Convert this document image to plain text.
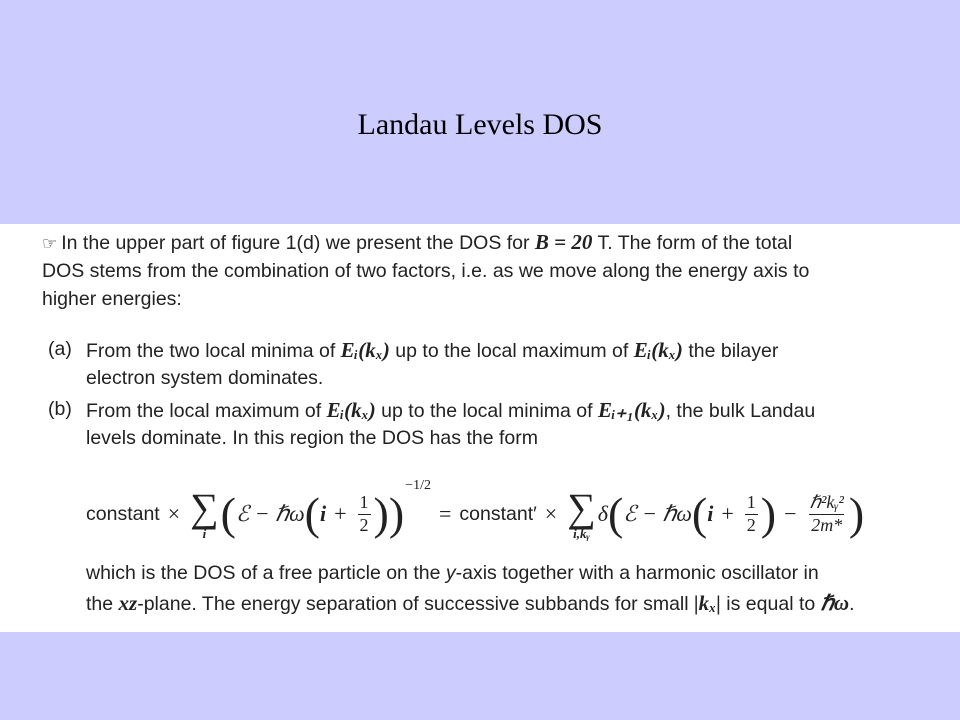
Landau Levels DOS
☞ In the upper part of figure 1(d) we present the DOS for B = 20 T. The form of the total
DOS stems from the combination of two factors, i.e. as we move along the energy axis to
higher energies:
(a) From the two local minima of Eᵢ(kₓ) up to the local maximum of Eᵢ(kₓ) the bilayer
electron system dominates.
(b) From the local maximum of Eᵢ(kₓ) up to the local minima of Eᵢ₊₁(kₓ), the bulk Landau
levels dominate. In this region the DOS has the form
constant × ∑
i ( ℰ − ℏω ( $i + \frac{1}{2}$ ) )
−1/2
= constant′ × ∑
i,kᵧ
δ ( ℰ − ℏω ( $i + \frac{1}{2}$ ) − $\frac{\text{ℏ²kᵧ²}}{2m*}$ )
which is the DOS of a free particle on the y-axis together with a harmonic oscillator in
the xz-plane. The energy separation of successive subbands for small |kₓ| is equal to ℏω.
